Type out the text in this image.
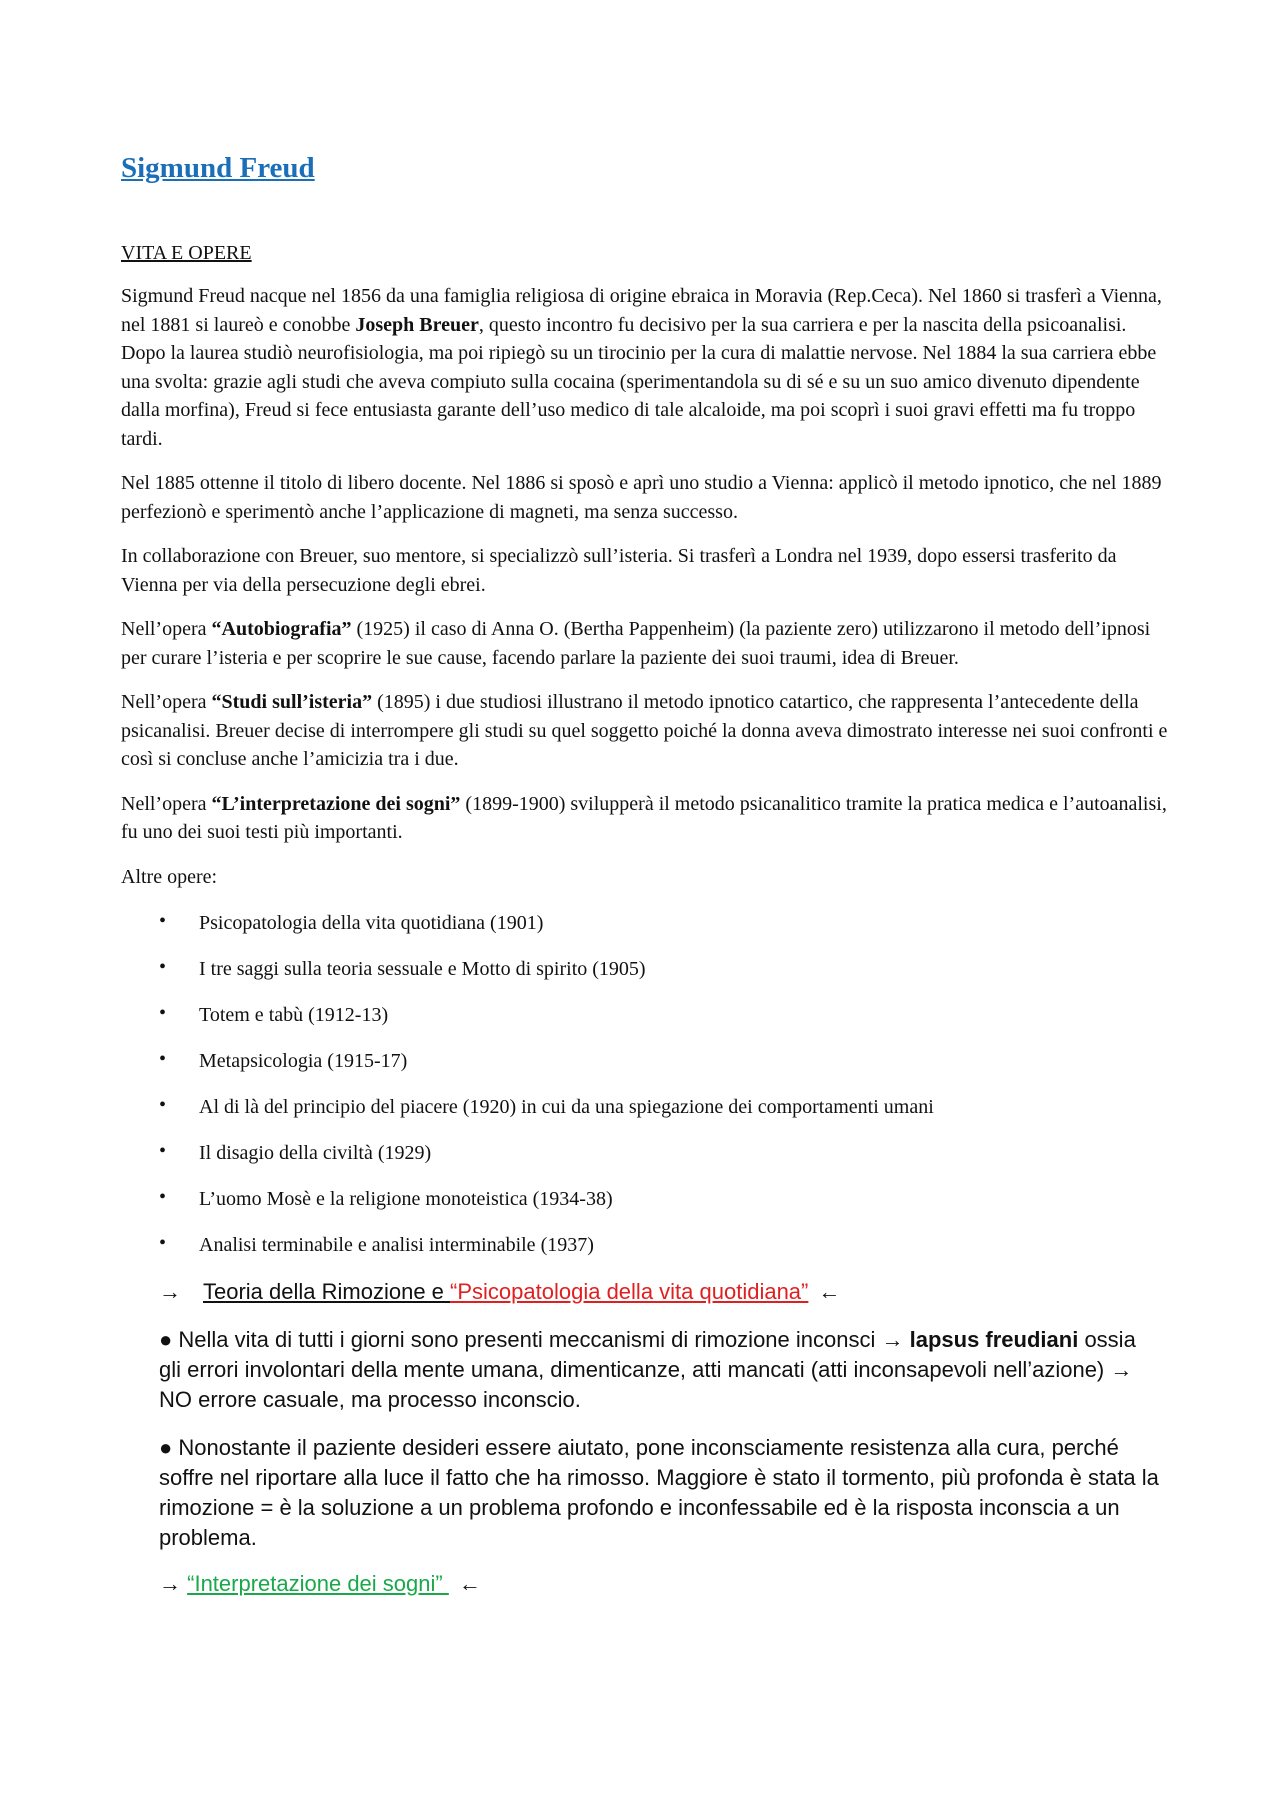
Sigmund Freud
VITA E OPERE

Sigmund Freud nacque nel 1856 da una famiglia religiosa di origine ebraica in Moravia (Rep.Ceca). Nel 1860 si trasferì a Vienna, nel 1881 si laureò e conobbe Joseph Breuer, questo incontro fu decisivo per la sua carriera e per la nascita della psicoanalisi. Dopo la laurea studiò neurofisiologia, ma poi ripiegò su un tirocinio per la cura di malattie nervose. Nel 1884 la sua carriera ebbe una svolta: grazie agli studi che aveva compiuto sulla cocaina (sperimentandola su di sé e su un suo amico divenuto dipendente dalla morfina), Freud si fece entusiasta garante dell’uso medico di tale alcaloide, ma poi scoprì i suoi gravi effetti ma fu troppo tardi.

Nel 1885 ottenne il titolo di libero docente. Nel 1886 si sposò e aprì uno studio a Vienna: applicò il metodo ipnotico, che nel 1889 perfezionò e sperimentò anche l’applicazione di magneti, ma senza successo.

In collaborazione con Breuer, suo mentore, si specializzò sull’isteria. Si trasferì a Londra nel 1939, dopo essersi trasferito da Vienna per via della persecuzione degli ebrei.

Nell’opera “Autobiografia” (1925) il caso di Anna O. (Bertha Pappenheim) (la paziente zero) utilizzarono il metodo dell’ipnosi per curare l’isteria e per scoprire le sue cause, facendo parlare la paziente dei suoi traumi, idea di Breuer.

Nell’opera “Studi sull’isteria” (1895) i due studiosi illustrano il metodo ipnotico catartico, che rappresenta l’antecedente della psicanalisi. Breuer decise di interrompere gli studi su quel soggetto poiché la donna aveva dimostrato interesse nei suoi confronti e così si concluse anche l’amicizia tra i due.

Nell’opera “L’interpretazione dei sogni” (1899-1900) svilupperà il metodo psicanalitico tramite la pratica medica e l’autoanalisi, fu uno dei suoi testi più importanti.

Altre opere:

• Psicopatologia della vita quotidiana (1901)
• I tre saggi sulla teoria sessuale e Motto di spirito (1905)
• Totem e tabù (1912-13)
• Metapsicologia (1915-17)
• Al di là del principio del piacere (1920) in cui da una spiegazione dei comportamenti umani
• Il disagio della civiltà (1929)
• L’uomo Mosè e la religione monoteistica (1934-38)
• Analisi terminabile e analisi interminabile (1937)
→ Teoria della Rimozione e “Psicopatologia della vita quotidiana” ←

● Nella vita di tutti i giorni sono presenti meccanismi di rimozione inconsci → lapsus freudiani ossia gli errori involontari della mente umana, dimenticanze, atti mancati (atti inconsapevoli nell’azione) → NO errore casuale, ma processo inconscio.

● Nonostante il paziente desideri essere aiutato, pone inconsciamente resistenza alla cura, perché soffre nel riportare alla luce il fatto che ha rimosso. Maggiore è stato il tormento, più profonda è stata la rimozione = è la soluzione a un problema profondo e inconfessabile ed è la risposta inconscia a un problema.

→ “Interpretazione dei sogni” ←
